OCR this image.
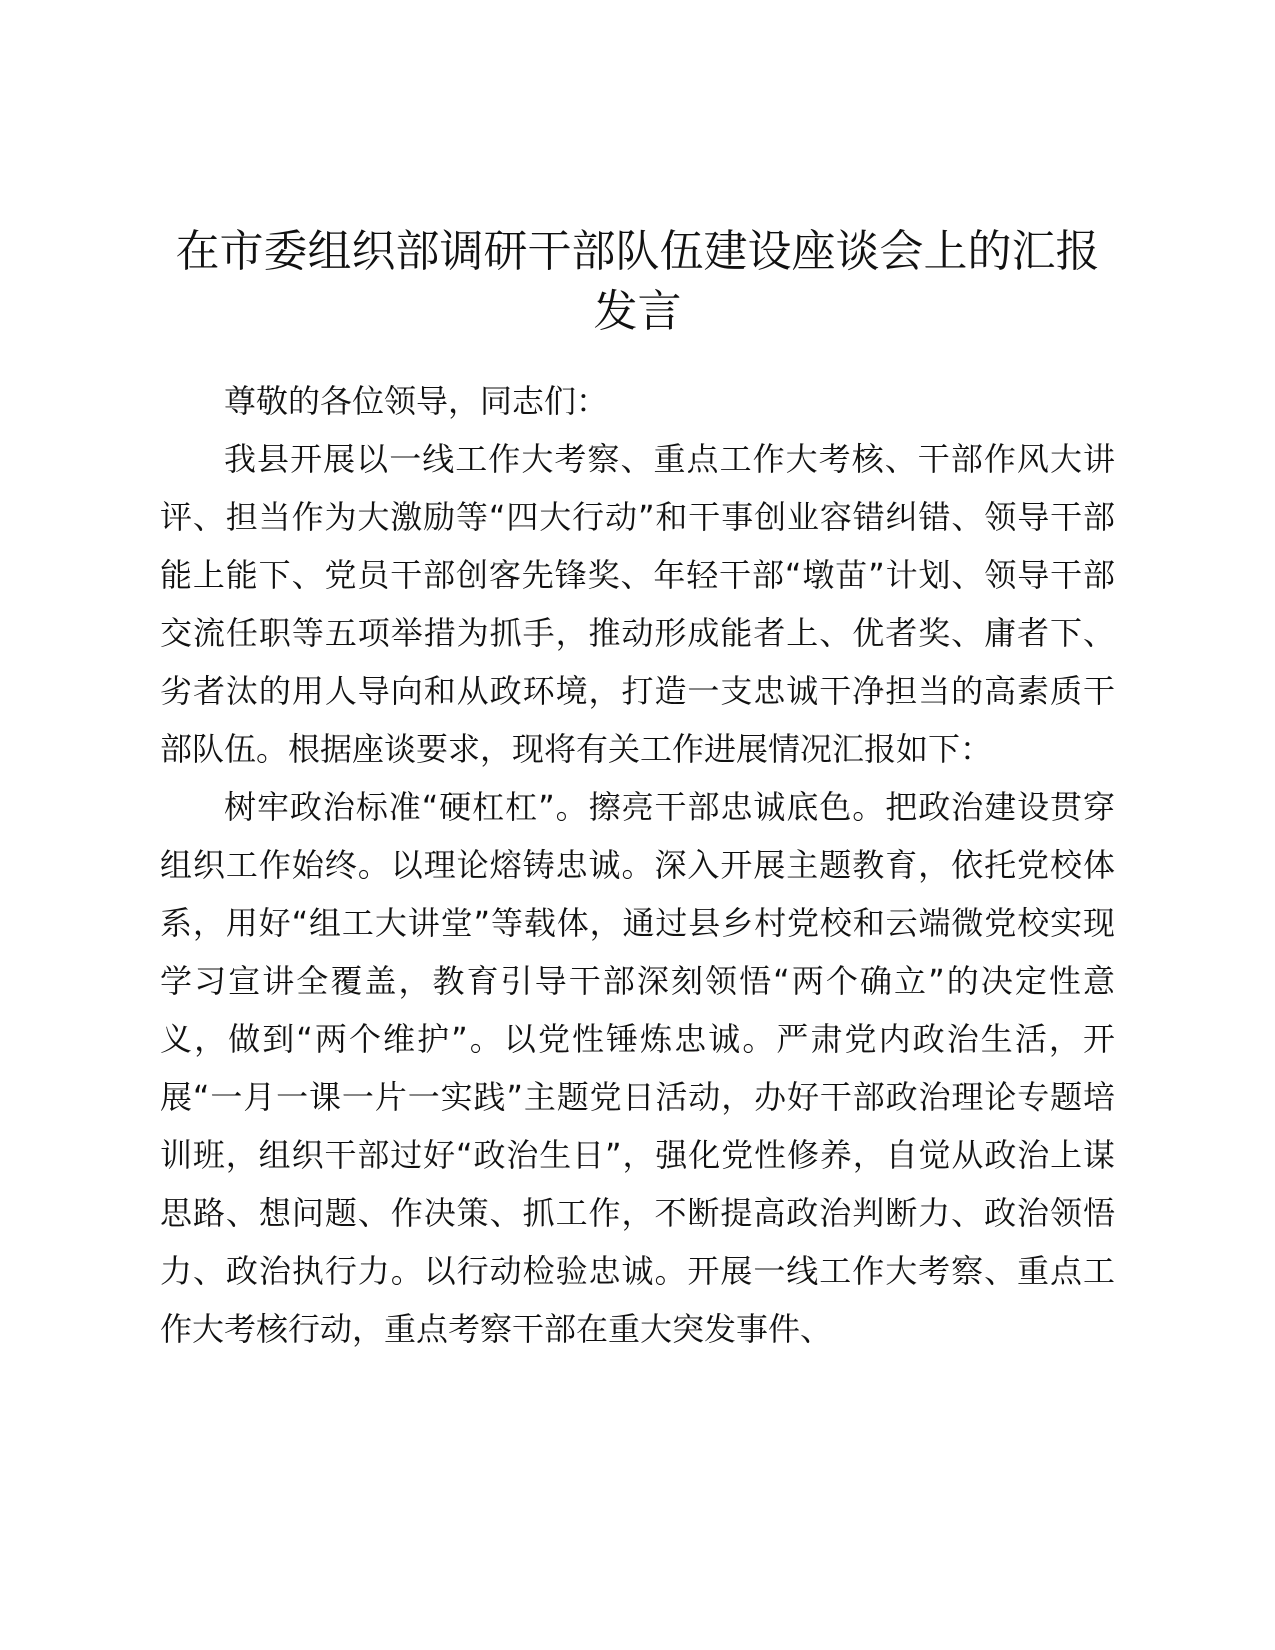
在市委组织部调研干部队伍建设座谈会上的汇报发言

尊敬的各位领导，同志们：

我县开展以一线工作大考察、重点工作大考核、干部作风大讲评、担当作为大激励等“四大行动”和干事创业容错纠错、领导干部能上能下、党员干部创客先锋奖、年轻干部“墩苗”计划、领导干部交流任职等五项举措为抓手，推动形成能者上、优者奖、庸者下、劣者汰的用人导向和从政环境，打造一支忠诚干净担当的高素质干部队伍。根据座谈要求，现将有关工作进展情况汇报如下：

树牢政治标准“硬杠杠”。擦亮干部忠诚底色。把政治建设贯穿组织工作始终。以理论熔铸忠诚。深入开展主题教育，依托党校体系，用好“组工大讲堂”等载体，通过县乡村党校和云端微党校实现学习宣讲全覆盖，教育引导干部深刻领悟“两个确立”的决定性意义，做到“两个维护”。以党性锤炼忠诚。严肃党内政治生活，开展“一月一课一片一实践”主题党日活动，办好干部政治理论专题培训班，组织干部过好“政治生日”，强化党性修养，自觉从政治上谋思路、想问题、作决策、抓工作，不断提高政治判断力、政治领悟力、政治执行力。以行动检验忠诚。开展一线工作大考察、重点工作大考核行动，重点考察干部在重大突发事件、
